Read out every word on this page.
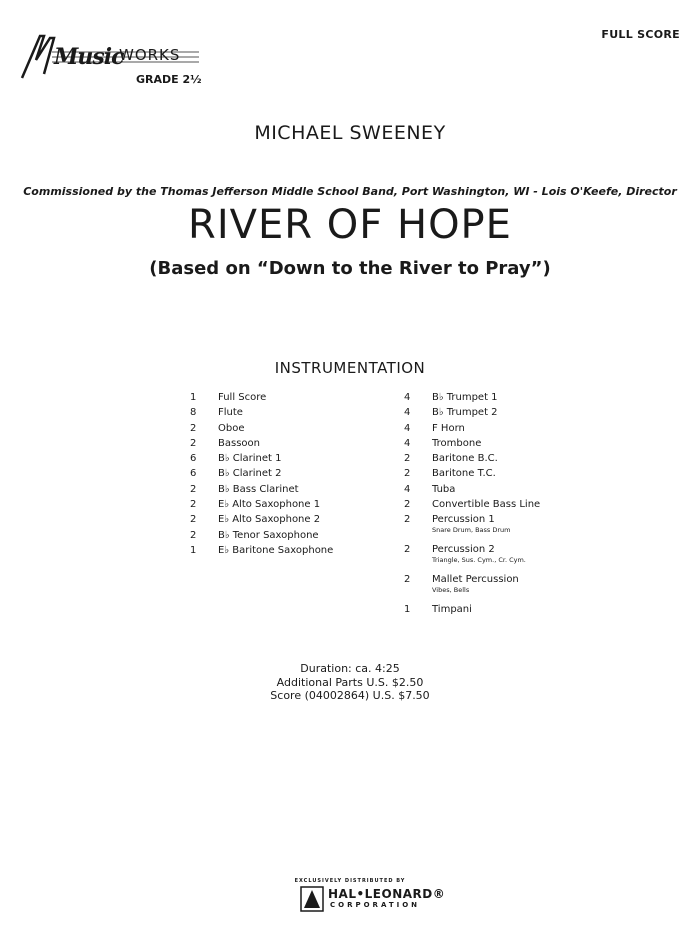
Music
WORKS
GRADE 2½
FULL SCORE
MICHAEL SWEENEY
Commissioned by the Thomas Jefferson Middle School Band, Port Washington, WI - Lois O'Keefe, Director
RIVER OF HOPE
(Based on “Down to the River to Pray”)
INSTRUMENTATION
1	Full Score
8	Flute
2	Oboe
2	Bassoon
6	B♭ Clarinet 1
6	B♭ Clarinet 2
2	B♭ Bass Clarinet
2	E♭ Alto Saxophone 1
2	E♭ Alto Saxophone 2
2	B♭ Tenor Saxophone
1	E♭ Baritone Saxophone
4	B♭ Trumpet 1
4	B♭ Trumpet 2
4	F Horn
4	Trombone
2	Baritone B.C.
2	Baritone T.C.
4	Tuba
2	Convertible Bass Line
2	Percussion 1
Snare Drum, Bass Drum
2	Percussion 2
Triangle, Sus. Cym., Cr. Cym.
2	Mallet Percussion
Vibes, Bells
1	Timpani
Duration: ca. 4:25
Additional Parts U.S. $2.50
Score (04002864) U.S. $7.50
EXCLUSIVELY DISTRIBUTED BY
HAL•LEONARD®
CORPORATION
